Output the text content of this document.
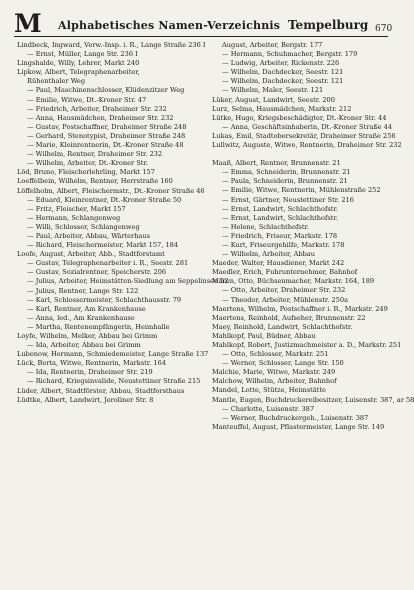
M Alphabetisches Namen-Verzeichnis Tempelburg 670
Lindbeck, Ingward, Verw.-Insp. i. R., Lange Straße 236 I
— Ernst, Müller, Lange Str. 236 I
Lingshalde, Willy, Lehrer, Markt 240
Lipkow, Albert, Telegraphenarbeiter,
Rühenthaler Weg
— Paul, Maschinenschlosser, Klüdenzitzer Weg
— Emilie, Witwe, Dt.-Kroner Str. 47
— Friedrich, Arbeiter, Draheimer Str. 232
— Anna, Hausmädchen, Draheimer Str. 232
— Gustav, Postschaffner, Draheimer Straße 248
— Gerhard, Stenotypist, Draheimer Straße 248
— Marie, Kleinrentnerin, Dt.-Kroner Straße 48
— Wilhelm, Rentner, Draheimer Str. 232
— Wilhelm, Arbeiter, Dt.-Kroner Str.
Löd, Bruno, Fleischerlehrling, Markt 157
Loeffelbein, Wilhelm, Rentner, Herrstraße 160
Löffelholm, Albert, Fleischermstr., Dt.-Kroner Straße 46
— Eduard, Kleinrentner, Dt.-Kroner Straße 50
— Fritz, Fleischer, Markt 157
— Hermann, Schlangenweg
— Willi, Schlosser, Schlangenweg
— Paul, Arbeiter, Abbau, Wärterhaus
— Richard, Fleischermeister, Markt 157, 184
Loofe, August, Arbeiter, Abb., Stadtforstamt
— Gustav, Telegraphenarbeiter i. R., Seestr. 281
— Gustav, Sozialrentner, Speicherstr. 206
— Julius, Arbeiter, Heimstätten-Siedlung am Seppelinsee 52
— Julius, Rentner, Lange Str. 122
— Karl, Schlossermeister, Schlachthausstr. 79
— Karl, Rentner, Am Krankenhause
— Anna, led., Am Krankenhause
— Martha, Rentenempfängerin, Heimhalle
Loyfe, Wilhelm, Melker, Abbau bei Grimm
— Ida, Arbeiter, Abbau bei Grimm
Lubenow, Hermann, Schmiedemeister, Lange Straße 137
Lück, Berta, Witwe, Rentnerin, Markstr. 164
— Ida, Rentnerin, Draheimer Str. 219
— Richard, Kriegsinvalide, Neustettiner Straße 215
Lüder, Albert, Stadtförster, Abbau, Stadtforsthaus
Lüdtke, Albert, Landwirt, Jeroliner Str. 8
August, Arbeiter, Bergstr. 177
— Hermann, Schuhmacher, Bergstr. 179
— Ludwig, Arbeiter, Rickenstr. 226
— Wilhelm, Dachdecker, Seestr. 121
— Wilhelm, Dachdecker, Seestr. 121
— Wilhelm, Maler, Seestr. 121
Lüker, August, Landwirt, Seestr. 200
Lurz, Selma, Hausmädchen, Markstr. 212
Lütke, Hugo, Kriegsbeschädigter, Dt.-Kroner Str. 44
— Anna, Geschäftsinhaberin, Dt.-Kroner Straße 44
Lukas, Emil, Stadtobersekretär, Draheimer Straße 256
Lullwitz, Auguste, Witwe, Rentnerin, Draheimer Str. 232
Maaß, Albert, Rentner, Brunnenstr. 21
— Emma, Schneiderin, Brunnenstr. 21
— Paula, Schneiderin, Brunnenstr. 21
— Emilie, Witwe, Rentnerin, Mühlenstraße 252
— Ernst, Gärtner, Neustettiner Str. 216
— Ernst, Landwirt, Schlachthofstr.
— Ernst, Landwirt, Schlachthofstr.
— Helene, Schlachthofstr.
— Friedrich, Friseur, Markstr. 178
— Kurt, Friseurgehilfe, Markstr. 178
— Wilhelm, Arbeiter, Abbau
Maeder, Walter, Hausdiener, Markt 242
Maedler, Erich, Fuhrunternehmer, Bahnhof
Mären, Otto, Büchsenmacher, Markstr. 164, 189
— Otto, Arbeiter, Draheimer Str. 232
— Theodor, Arbeiter, Mühlenstr. 250a
Maertens, Wilhelm, Postschaffner i. R., Markstr. 249
Maertens, Reinhold, Aufseher, Brunnenstr. 22
Maey, Reinhold, Landwirt, Schlachthofstr.
Mahlkopf, Paul, Büdner, Abbau
Mahlkopf, Robert, Justizmachmeister a. D., Markstr. 251
— Otto, Schlosser, Markstr. 251
— Werner, Schlosser, Lange Str. 150
Malchie, Marie, Witwe, Markstr. 249
Malchow, Wilhelm, Arbeiter, Bahnhof
Mandel, Lotte, Stütze, Heimstätte
Mantle, Eugen, Buchdruckereibesitzer, Luisenstr. 387, ar 58
— Charlotte, Luisenstr. 387
— Werner, Buchdruckergeh., Luisenstr. 387
Manteuffel, August, Pflastermeister, Lange Str. 149
